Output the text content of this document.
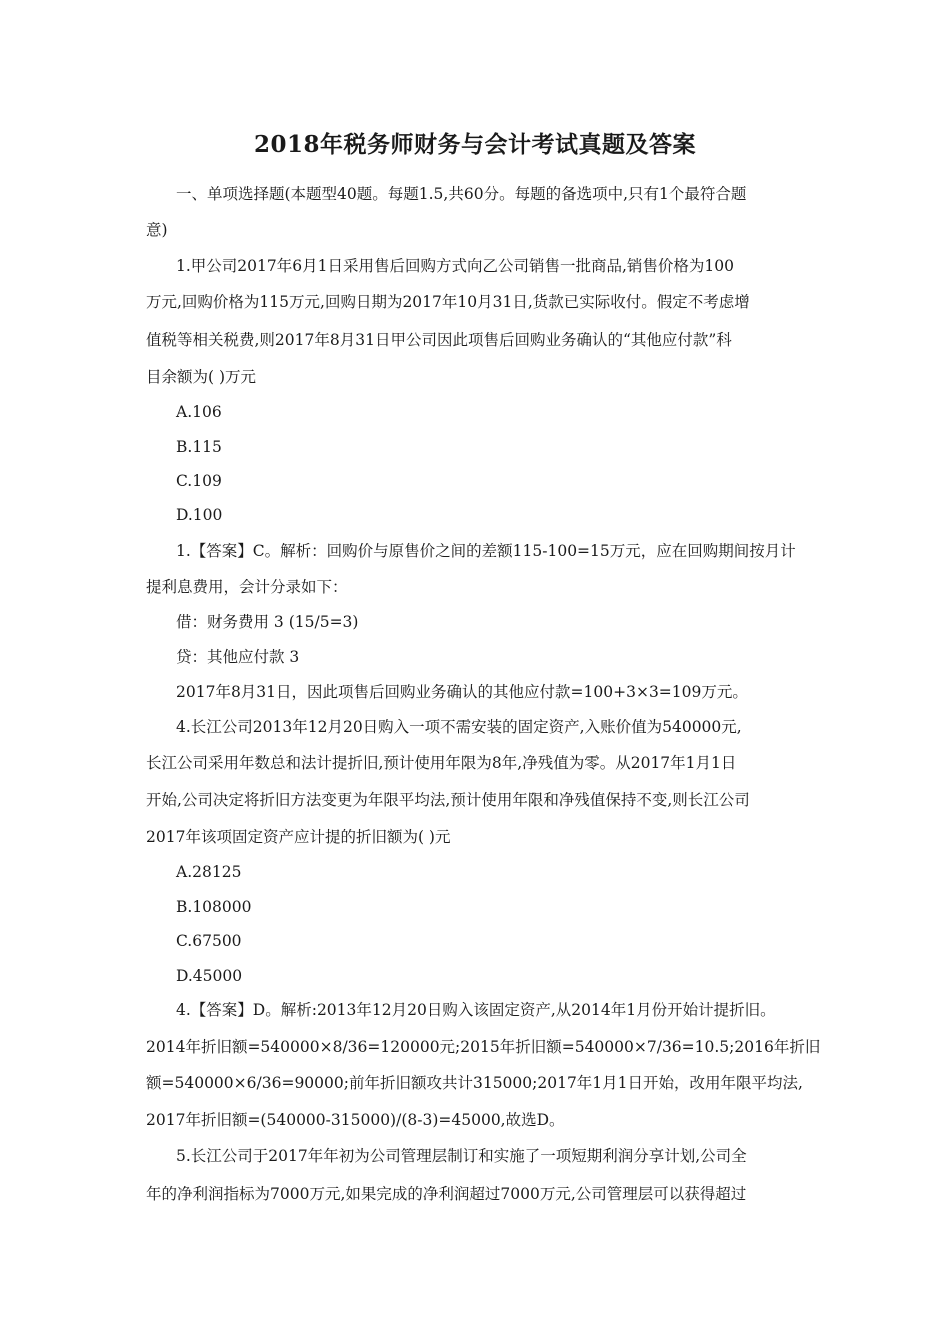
2018年税务师财务与会计考试真题及答案
一、单项选择题(本题型40题。每题1.5,共60分。每题的备选项中,只有1个最符合题
意)
1.甲公司2017年6月1日采用售后回购方式向乙公司销售一批商品,销售价格为100
万元,回购价格为115万元,回购日期为2017年10月31日,货款已实际收付。假定不考虑增
值税等相关税费,则2017年8月31日甲公司因此项售后回购业务确认的“其他应付款”科
目余额为( )万元
A.106
B.115
C.109
D.100
1.【答案】C。解析：回购价与原售价之间的差额115-100=15万元，应在回购期间按月计
提利息费用，会计分录如下：
借：财务费用 3 (15/5=3)
贷：其他应付款 3
2017年8月31日，因此项售后回购业务确认的其他应付款=100+3×3=109万元。
4.长江公司2013年12月20日购入一项不需安装的固定资产,入账价值为540000元,
长江公司采用年数总和法计提折旧,预计使用年限为8年,净残值为零。从2017年1月1日
开始,公司决定将折旧方法变更为年限平均法,预计使用年限和净残值保持不变,则长江公司
2017年该项固定资产应计提的折旧额为( )元
A.28125
B.108000
C.67500
D.45000
4.【答案】D。解析:2013年12月20日购入该固定资产,从2014年1月份开始计提折旧。
2014年折旧额=540000×8/36=120000元;2015年折旧额=540000×7/36=10.5;2016年折旧
额=540000×6/36=90000;前年折旧额攻共计315000;2017年1月1日开始，改用年限平均法,
2017年折旧额=(540000-315000)/(8-3)=45000,故选D。
5.长江公司于2017年年初为公司管理层制订和实施了一项短期利润分享计划,公司全
年的净利润指标为7000万元,如果完成的净利润超过7000万元,公司管理层可以获得超过
